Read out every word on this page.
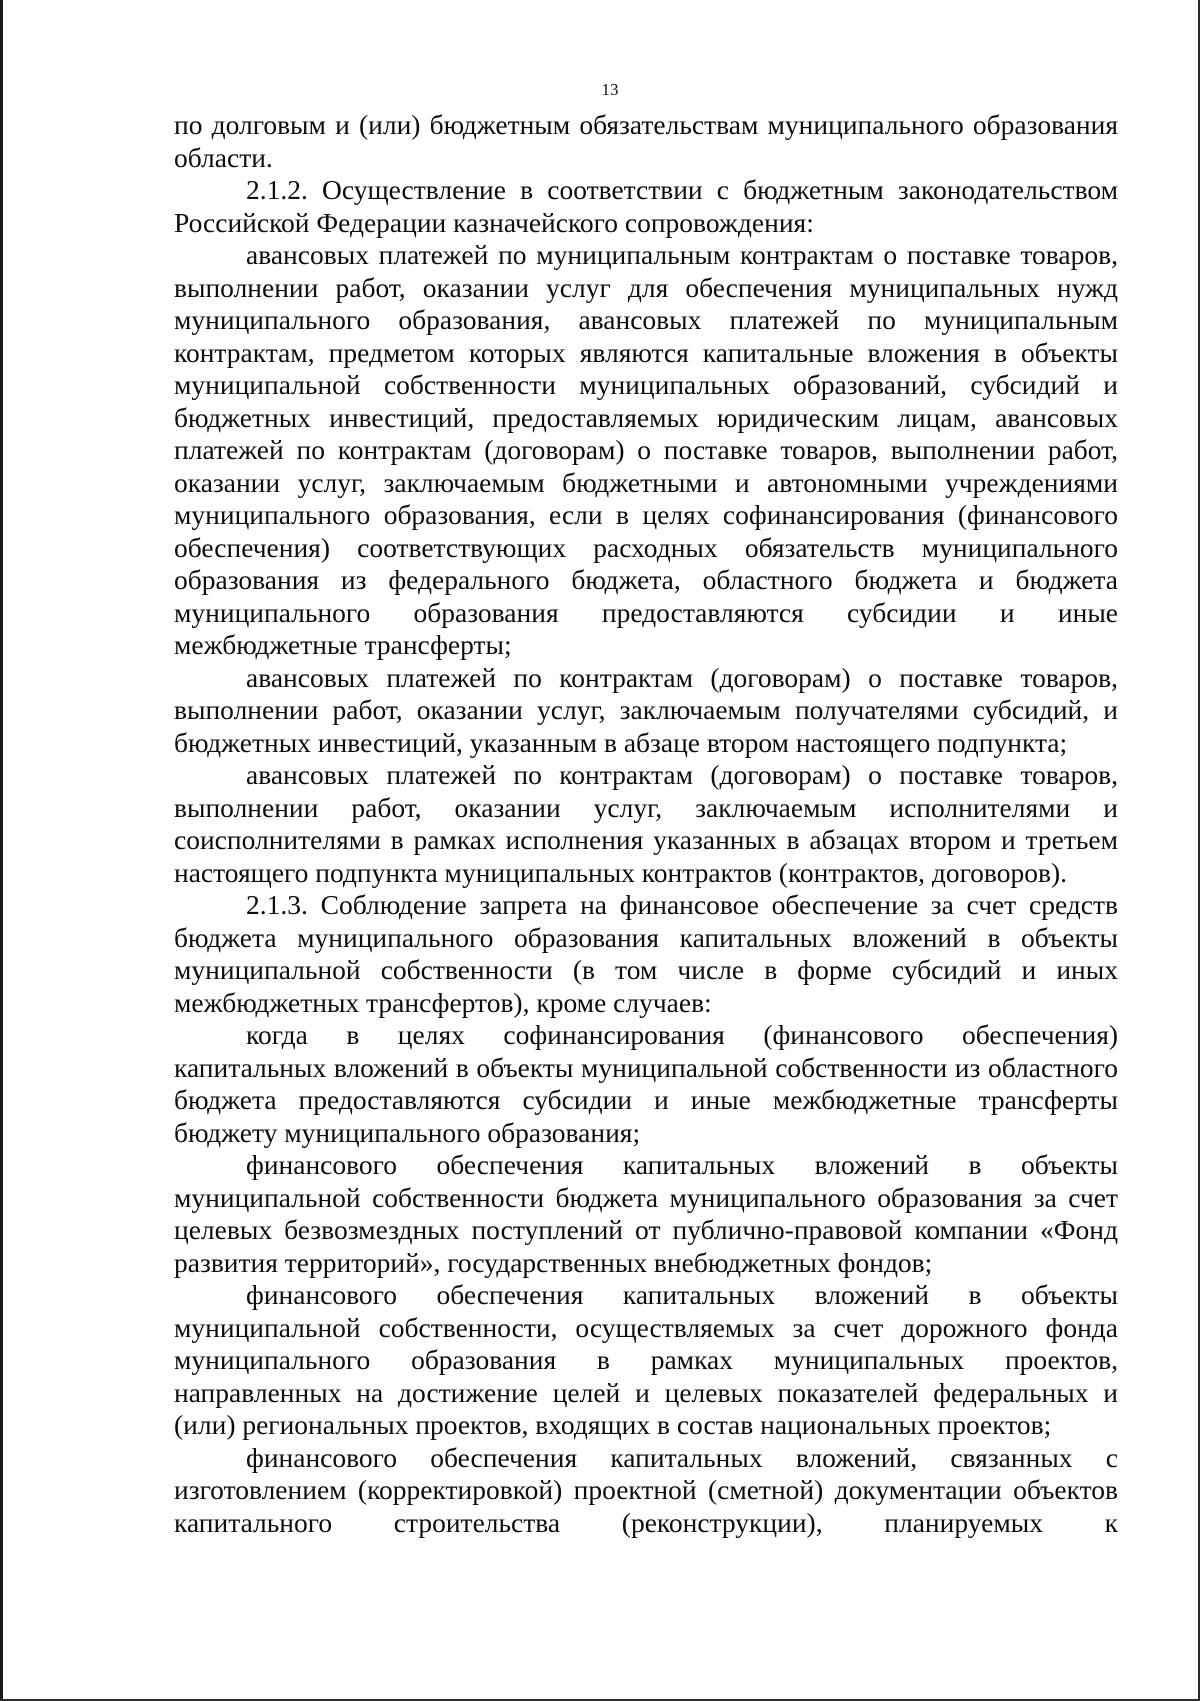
13

по долговым и (или) бюджетным обязательствам муниципального образования области.

2.1.2. Осуществление в соответствии с бюджетным законодательством Российской Федерации казначейского сопровождения:

авансовых платежей по муниципальным контрактам о поставке товаров, выполнении работ, оказании услуг для обеспечения муниципальных нужд муниципального образования, авансовых платежей по муниципальным контрактам, предметом которых являются капитальные вложения в объекты муниципальной собственности муниципальных образований, субсидий и бюджетных инвестиций, предоставляемых юридическим лицам, авансовых платежей по контрактам (договорам) о поставке товаров, выполнении работ, оказании услуг, заключаемым бюджетными и автономными учреждениями муниципального образования, если в целях софинансирования (финансового обеспечения) соответствующих расходных обязательств муниципального образования из федерального бюджета, областного бюджета и бюджета муниципального образования предоставляются субсидии и иные межбюджетные трансферты;

авансовых платежей по контрактам (договорам) о поставке товаров, выполнении работ, оказании услуг, заключаемым получателями субсидий, и бюджетных инвестиций, указанным в абзаце втором настоящего подпункта;

авансовых платежей по контрактам (договорам) о поставке товаров, выполнении работ, оказании услуг, заключаемым исполнителями и соисполнителями в рамках исполнения указанных в абзацах втором и третьем настоящего подпункта муниципальных контрактов (контрактов, договоров).

2.1.3. Соблюдение запрета на финансовое обеспечение за счет средств бюджета муниципального образования капитальных вложений в объекты муниципальной собственности (в том числе в форме субсидий и иных межбюджетных трансфертов), кроме случаев:

когда в целях софинансирования (финансового обеспечения) капитальных вложений в объекты муниципальной собственности из областного бюджета предоставляются субсидии и иные межбюджетные трансферты бюджету муниципального образования;

финансового обеспечения капитальных вложений в объекты муниципальной собственности бюджета муниципального образования за счет целевых безвозмездных поступлений от публично-правовой компании «Фонд развития территорий», государственных внебюджетных фондов;

финансового обеспечения капитальных вложений в объекты муниципальной собственности, осуществляемых за счет дорожного фонда муниципального образования в рамках муниципальных проектов, направленных на достижение целей и целевых показателей федеральных и (или) региональных проектов, входящих в состав национальных проектов;

финансового обеспечения капитальных вложений, связанных с изготовлением (корректировкой) проектной (сметной) документации объектов капитального строительства (реконструкции), планируемых к
